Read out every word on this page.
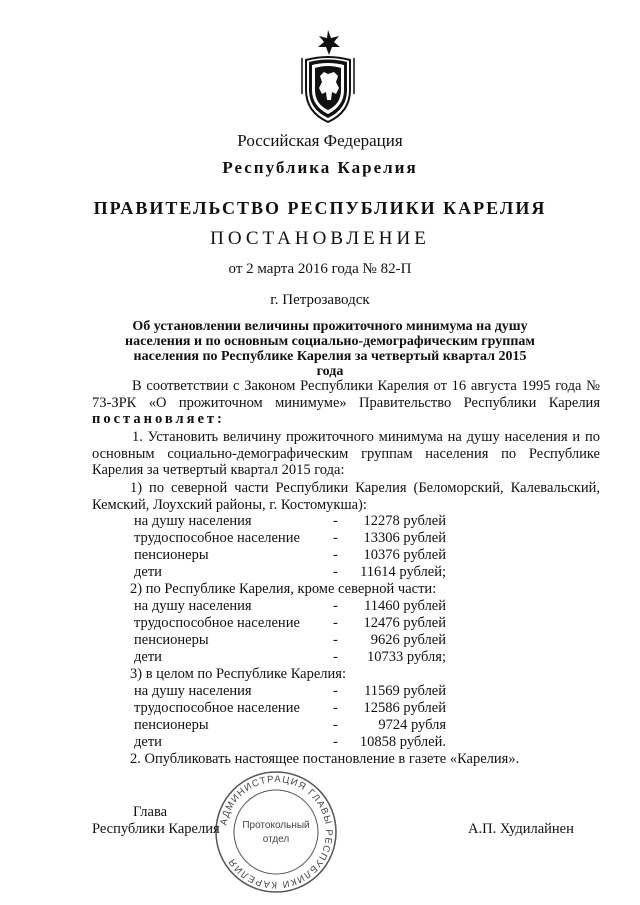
Российская Федерация
Республика Карелия
ПРАВИТЕЛЬСТВО РЕСПУБЛИКИ КАРЕЛИЯ
ПОСТАНОВЛЕНИЕ
от 2 марта 2016 года № 82-П
г. Петрозаводск
Об установлении величины прожиточного минимума на душу населения и по основным социально-демографическим группам населения по Республике Карелия за четвертый квартал 2015 года
В соответствии с Законом Республики Карелия от 16 августа 1995 года № 73-ЗРК «О прожиточном минимуме» Правительство Республики Карелия постановляет:
1. Установить величину прожиточного минимума на душу населения и по основным социально-демографическим группам населения по Республике Карелия за четвертый квартал 2015 года:
1) по северной части Республики Карелия (Беломорский, Калевальский, Кемский, Лоухский районы, г. Костомукша):
на душу населения	-	12278 рублей
трудоспособное население -	13306 рублей
пенсионеры	-	10376 рублей
дети	- 11614 рублей;
2) по Республике Карелия, кроме северной части:
на душу населения	-	11460 рублей
трудоспособное население -	12476 рублей
пенсионеры	-	9626 рублей
дети	-	10733 рубля;
3) в целом по Республике Карелия:
на душу населения	-	11569 рублей
трудоспособное население -	12586 рублей
пенсионеры	-	9724 рубля
дети	- 10858 рублей.
2. Опубликовать настоящее постановление в газете «Карелия».
АДМИНИСТРАЦИЯ ГЛАВЫ РЕСПУБЛИКИ КАРЕЛИЯ
Протокольный
отдел
Глава
Республики Карелия	А.П. Худилайнен
